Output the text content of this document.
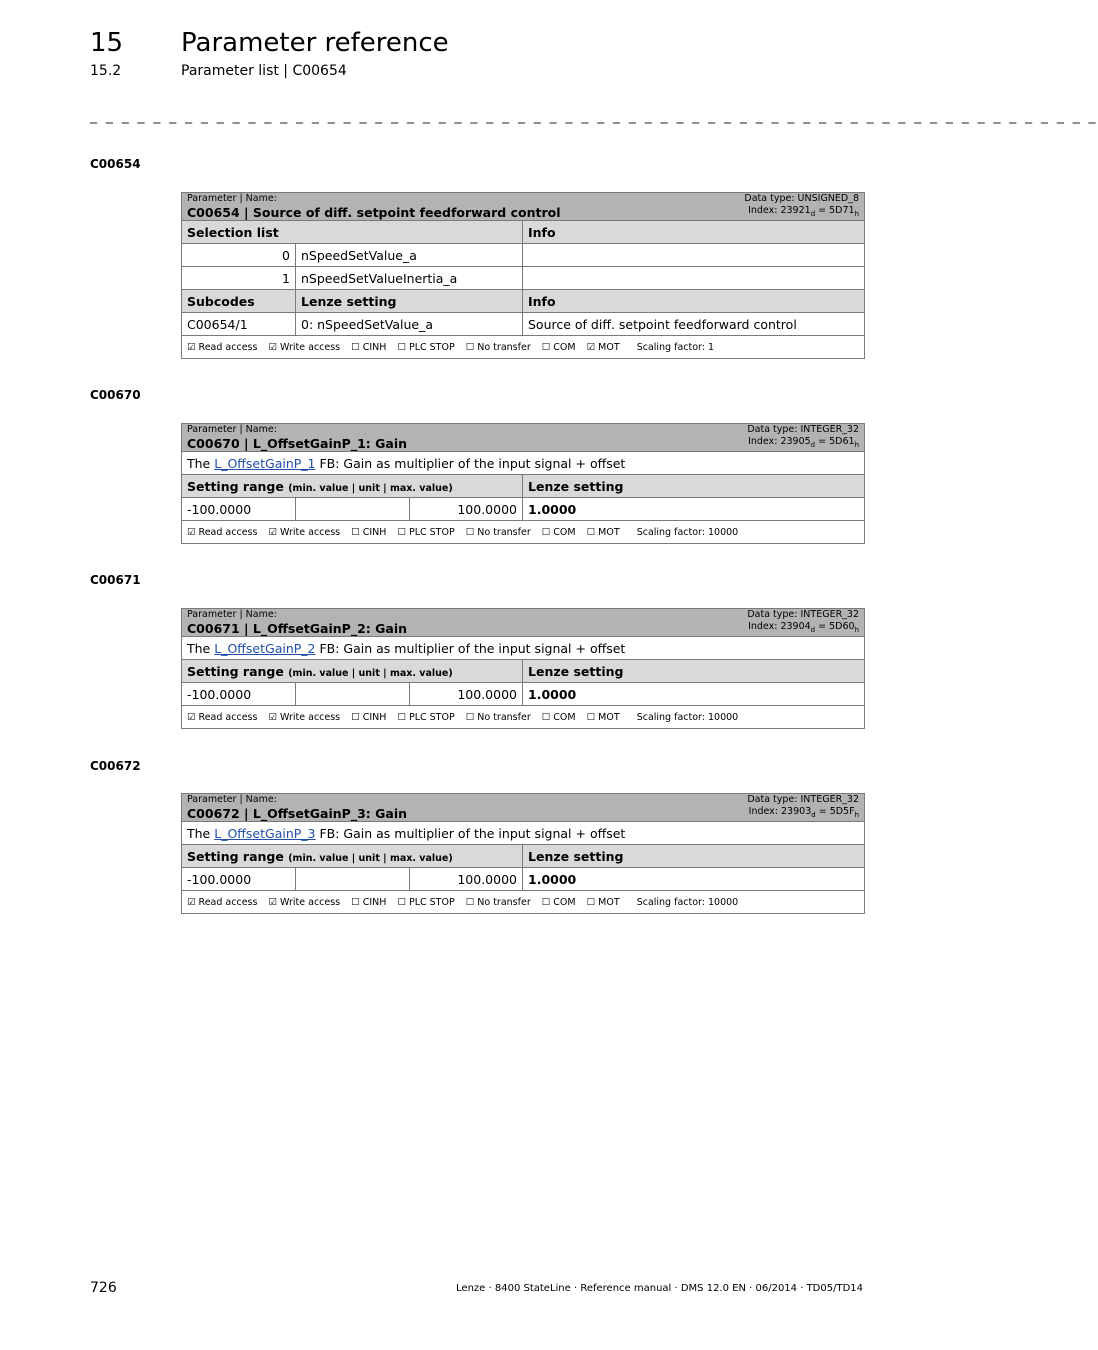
15 Parameter reference
15.2	Parameter list | C00654
_ _ _ _ _ _ _ _ _ _ _ _ _ _ _ _ _ _ _ _ _ _ _ _ _ _ _ _ _ _ _ _ _ _ _ _ _ _ _ _ _ _ _ _ _ _ _ _ _ _ _ _ _ _ _ _ _ _ _ _ _ _ _ _
C00654
Data type: UNSIGNED_8
Index: $23921_d = 5D71_h$
Parameter | Name:
C00654 | Source of diff. setpoint feedforward control		

Selection list		Info
0	nSpeedSetValue_a	
1	nSpeedSetValueInertia_a	
Subcodes	Lenze setting	Info
C00654/1	0: nSpeedSetValue_a	Source of diff. setpoint feedforward control
☑ Read access ☑ Write access ☐ CINH ☐ PLC STOP ☐ No transfer ☐ COM ☑ MOT Scaling factor: 1		
C00670
Data type: INTEGER_32
Index: $23905_d = 5D61_h$
Parameter | Name:
C00670 | L_OffsetGainP_1: Gain			

The L_OffsetGainP_1 FB: Gain as multiplier of the input signal + offset			
Setting range (min. value | unit | max. value)			Lenze setting
-100.0000		100.0000	1.0000
☑ Read access ☑ Write access ☐ CINH ☐ PLC STOP ☐ No transfer ☐ COM ☐ MOT Scaling factor: 10000			
C00671
Data type: INTEGER_32
Index: $23904_d = 5D60_h$
Parameter | Name:
C00671 | L_OffsetGainP_2: Gain			

The L_OffsetGainP_2 FB: Gain as multiplier of the input signal + offset			
Setting range (min. value | unit | max. value)			Lenze setting
-100.0000		100.0000	1.0000
☑ Read access ☑ Write access ☐ CINH ☐ PLC STOP ☐ No transfer ☐ COM ☐ MOT Scaling factor: 10000			
C00672
Data type: INTEGER_32
Index: $23903_d = 5D5F_h$
Parameter | Name:
C00672 | L_OffsetGainP_3: Gain			

The L_OffsetGainP_3 FB: Gain as multiplier of the input signal + offset			
Setting range (min. value | unit | max. value)			Lenze setting
-100.0000		100.0000	1.0000
☑ Read access ☑ Write access ☐ CINH ☐ PLC STOP ☐ No transfer ☐ COM ☐ MOT Scaling factor: 10000			
726	Lenze · 8400 StateLine · Reference manual · DMS 12.0 EN · 06/2014 · TD05/TD14
